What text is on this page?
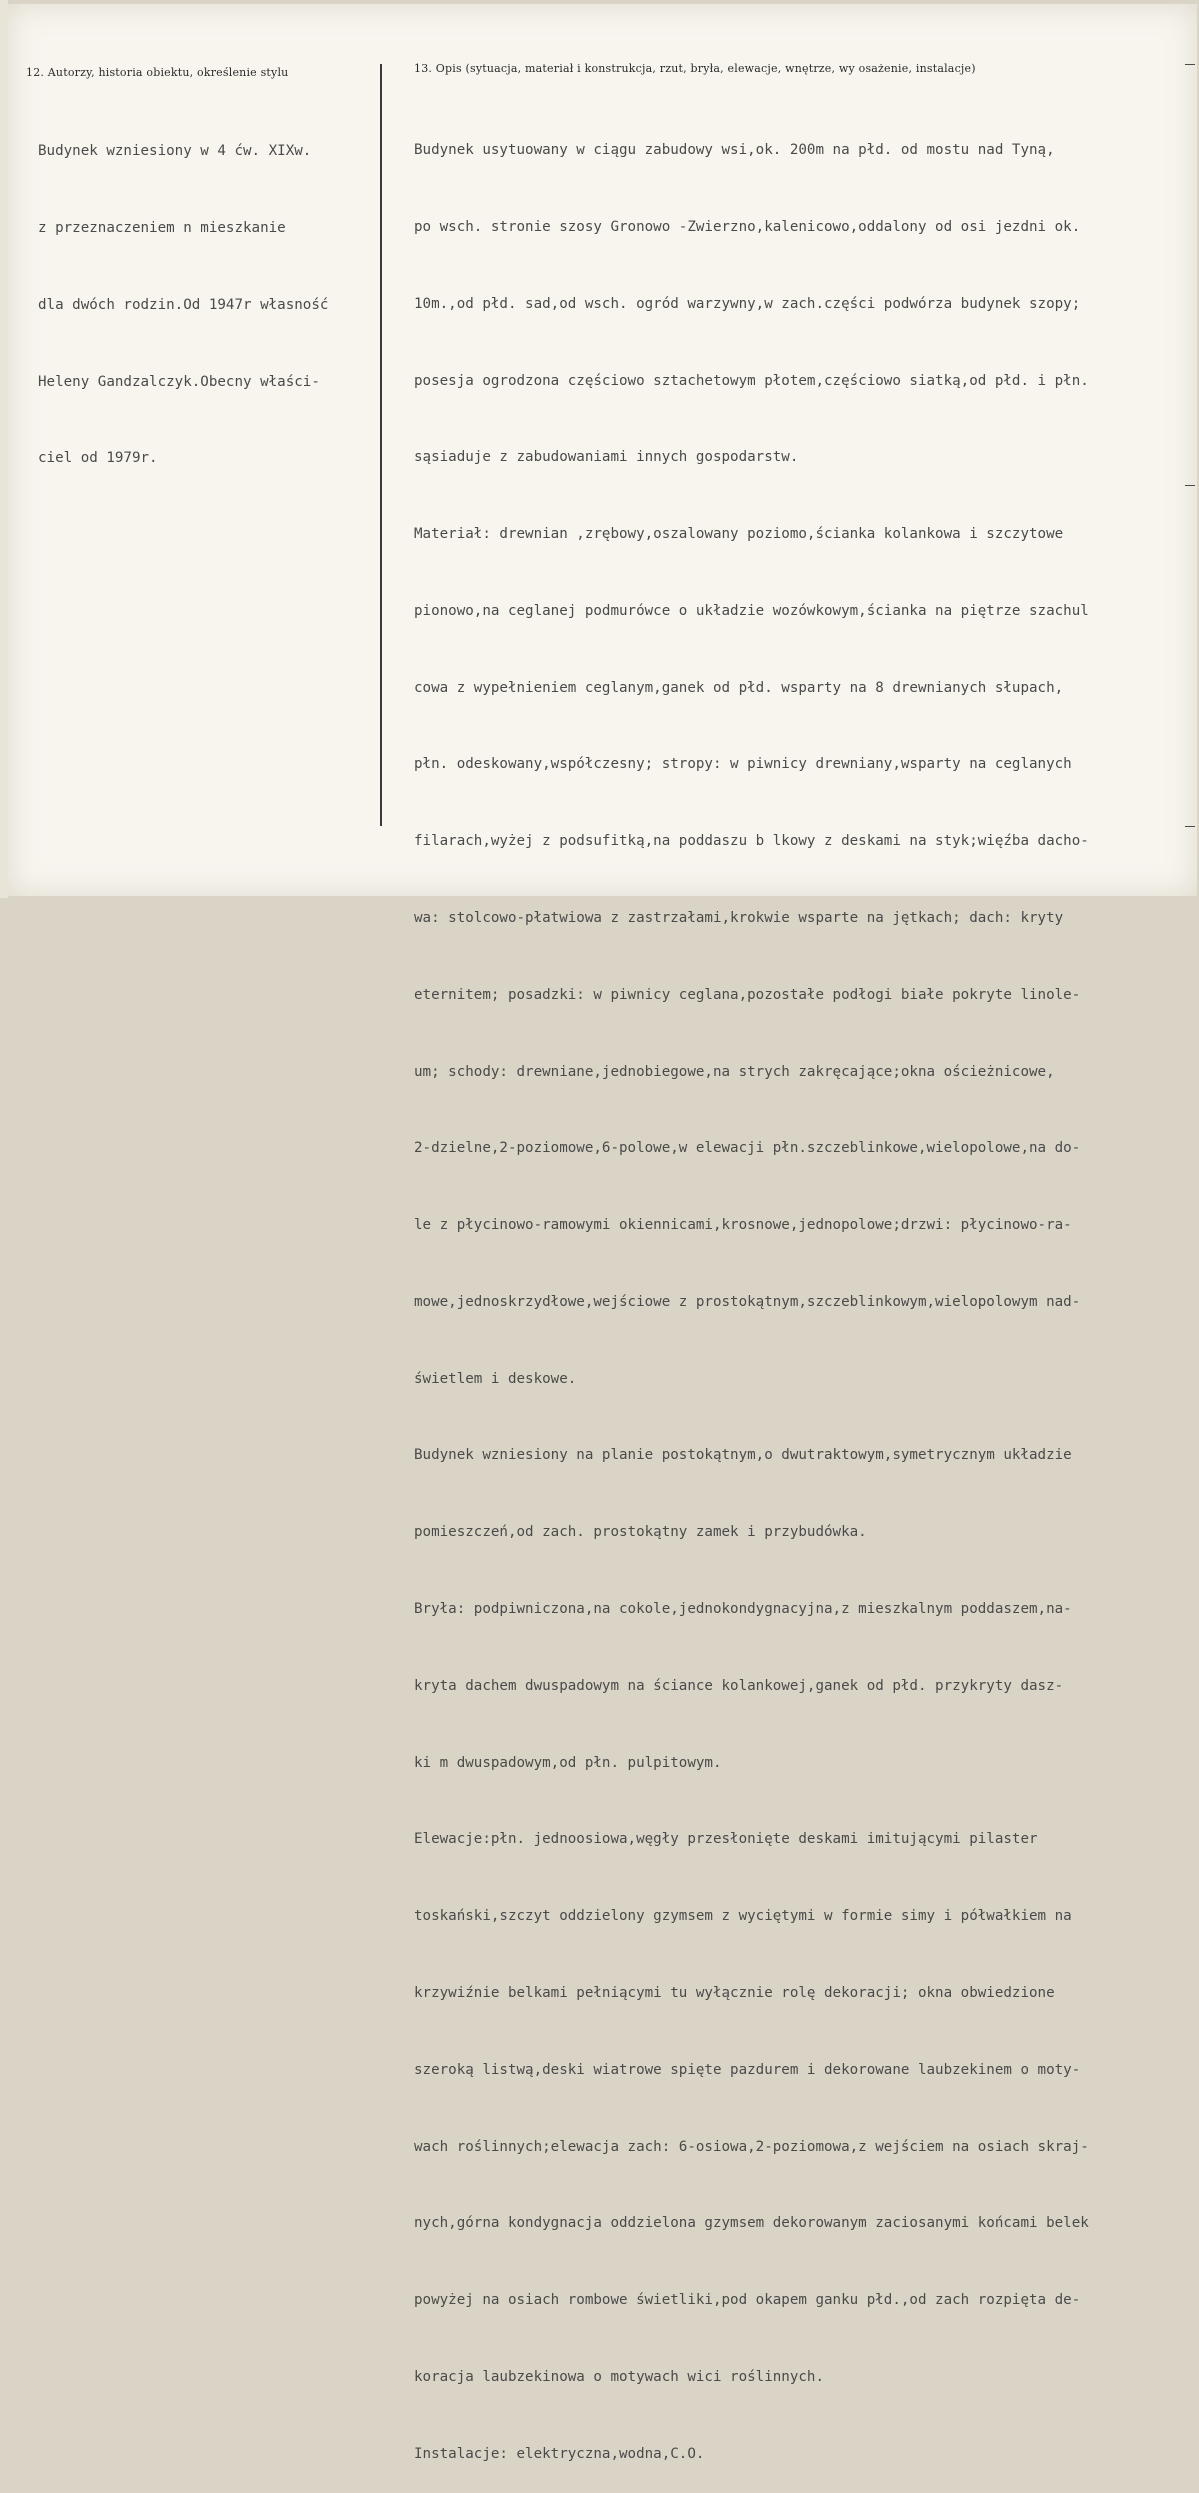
12. Autorzy, historia obiektu, określenie stylu	13. Opis (sytuacja, materiał i konstrukcja, rzut, bryła, elewacje, wnętrze, wy osażenie, instalacje)

Budynek wzniesiony w 4 ćw. XIXw.

z przeznaczeniem n mieszkanie

dla dwóch rodzin.Od 1947r własność

Heleny Gandzalczyk.Obecny właści-

ciel od 1979r.

Budynek usytuowany w ciągu zabudowy wsi,ok. 200m na płd. od mostu nad Tyną,

po wsch. stronie szosy Gronowo -Zwierzno,kalenicowo,oddalony od osi jezdni ok.

10m.,od płd. sad,od wsch. ogród warzywny,w zach.części podwórza budynek szopy;

posesja ogrodzona częściowo sztachetowym płotem,częściowo siatką,od płd. i płn.

sąsiaduje z zabudowaniami innych gospodarstw.

Materiał: drewnian ,zrębowy,oszalowany poziomo,ścianka kolankowa i szczytowe

pionowo,na ceglanej podmurówce o układzie wozówkowym,ścianka na piętrze szachul

cowa z wypełnieniem ceglanym,ganek od płd. wsparty na 8 drewnianych słupach,

płn. odeskowany,współczesny; stropy: w piwnicy drewniany,wsparty na ceglanych

filarach,wyżej z podsufitką,na poddaszu b lkowy z deskami na styk;więźba dacho-

wa: stolcowo-płatwiowa z zastrzałami,krokwie wsparte na jętkach; dach: kryty

eternitem; posadzki: w piwnicy ceglana,pozostałe podłogi białe pokryte linole-

um; schody: drewniane,jednobiegowe,na strych zakręcające;okna ościeżnicowe,

2-dzielne,2-poziomowe,6-polowe,w elewacji płn.szczeblinkowe,wielopolowe,na do-

le z płycinowo-ramowymi okiennicami,krosnowe,jednopolowe;drzwi: płycinowo-ra-

mowe,jednoskrzydłowe,wejściowe z prostokątnym,szczeblinkowym,wielopolowym nad-

świetlem i deskowe.

Budynek wzniesiony na planie postokątnym,o dwutraktowym,symetrycznym układzie

pomieszczeń,od zach. prostokątny zamek i przybudówka.

Bryła: podpiwniczona,na cokole,jednokondygnacyjna,z mieszkalnym poddaszem,na-

kryta dachem dwuspadowym na ściance kolankowej,ganek od płd. przykryty dasz-

ki m dwuspadowym,od płn. pulpitowym.

Elewacje:płn. jednoosiowa,węgły przesłonięte deskami imitującymi pilaster

toskański,szczyt oddzielony gzymsem z wyciętymi w formie simy i półwałkiem na

krzywiźnie belkami pełniącymi tu wyłącznie rolę dekoracji; okna obwiedzione

szeroką listwą,deski wiatrowe spięte pazdurem i dekorowane laubzekinem o moty-

wach roślinnych;elewacja zach: 6-osiowa,2-poziomowa,z wejściem na osiach skraj-

nych,górna kondygnacja oddzielona gzymsem dekorowanym zaciosanymi końcami belek

powyżej na osiach rombowe świetliki,pod okapem ganku płd.,od zach rozpięta de-

koracja laubzekinowa o motywach wici roślinnych.

Instalacje: elektryczna,wodna,C.O.
